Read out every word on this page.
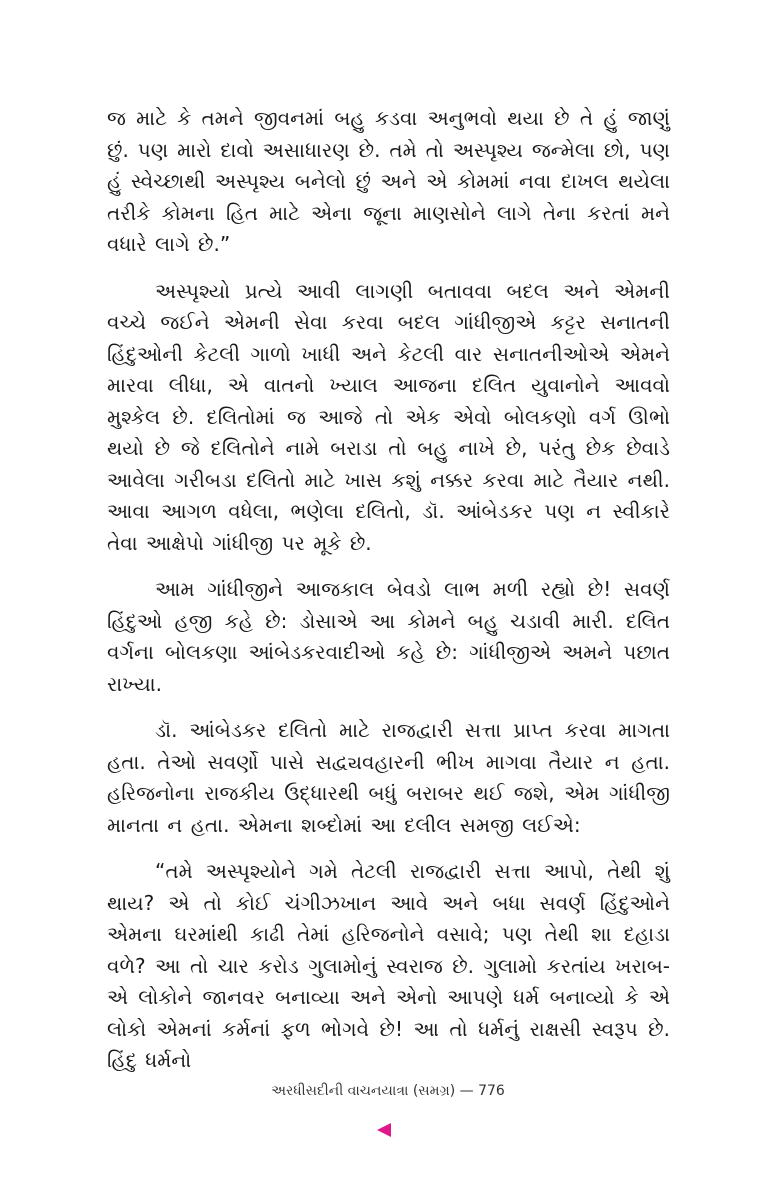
જ માટે કે તમને જીવનમાં બહુ કડવા અનુભવો થયા છે તે હું જાણું છું. પણ મારો દાવો અસાધારણ છે. તમે તો અસ્પૃશ્ય જન્મેલા છો, પણ હું સ્વેચ્છાથી અસ્પૃશ્ય બનેલો છું અને એ કોમમાં નવા દાખલ થયેલા તરીકે કોમના હિત માટે એના જૂના માણસોને લાગે તેના કરતાં મને વધારે લાગે છે.”

અસ્પૃશ્યો પ્રત્યે આવી લાગણી બતાવવા બદલ અને એમની વચ્ચે જઈને એમની સેવા કરવા બદલ ગાંધીજીએ કટ્ટર સનાતની હિંદુઓની કેટલી ગાળો ખાધી અને કેટલી વાર સનાતનીઓએ એમને મારવા લીધા, એ વાતનો ખ્યાલ આજના દલિત યુવાનોને આવવો મુશ્કેલ છે. દલિતોમાં જ આજે તો એક એવો બોલકણો વર્ગ ઊભો થયો છે જે દલિતોને નામે બરાડા તો બહુ નાખે છે, પરંતુ છેક છેવાડે આવેલા ગરીબડા દલિતો માટે ખાસ કશું નક્કર કરવા માટે તૈયાર નથી. આવા આગળ વધેલા, ભણેલા દલિતો, ડૉ. આંબેડકર પણ ન સ્વીકારે તેવા આક્ષેપો ગાંધીજી પર મૂકે છે.

આમ ગાંધીજીને આજકાલ બેવડો લાભ મળી રહ્યો છે! સવર્ણ હિંદુઓ હજી કહે છે: ડોસાએ આ કોમને બહુ ચડાવી મારી. દલિત વર્ગના બોલકણા આંબેડકરવાદીઓ કહે છે: ગાંધીજીએ અમને પછાત રાખ્યા.

ડૉ. આંબેડકર દલિતો માટે રાજદ્વારી સત્તા પ્રાપ્ત કરવા માગતા હતા. તેઓ સવર્ણો પાસે સદ્વ્યવહારની ભીખ માગવા તૈયાર ન હતા. હરિજનોના રાજકીય ઉદ્ધારથી બધું બરાબર થઈ જશે, એમ ગાંધીજી માનતા ન હતા. એમના શબ્દોમાં આ દલીલ સમજી લઈએ:

“તમે અસ્પૃશ્યોને ગમે તેટલી રાજદ્વારી સત્તા આપો, તેથી શું થાય? એ તો કોઈ ચંગીઝખાન આવે અને બધા સવર્ણ હિંદુઓને એમના ઘરમાંથી કાઢી તેમાં હરિજનોને વસાવે; પણ તેથી શા દહાડા વળે? આ તો ચાર કરોડ ગુલામોનું સ્વરાજ છે. ગુલામો કરતાંય ખરાબ-એ લોકોને જાનવર બનાવ્યા અને એનો આપણે ધર્મ બનાવ્યો કે એ લોકો એમનાં કર્મનાં ફળ ભોગવે છે! આ તો ધર્મનું રાક્ષસી સ્વરૂપ છે. હિંદુ ધર્મનો

અરધીસદીની વાચનયાત્રા (સમગ્ર) — 776
